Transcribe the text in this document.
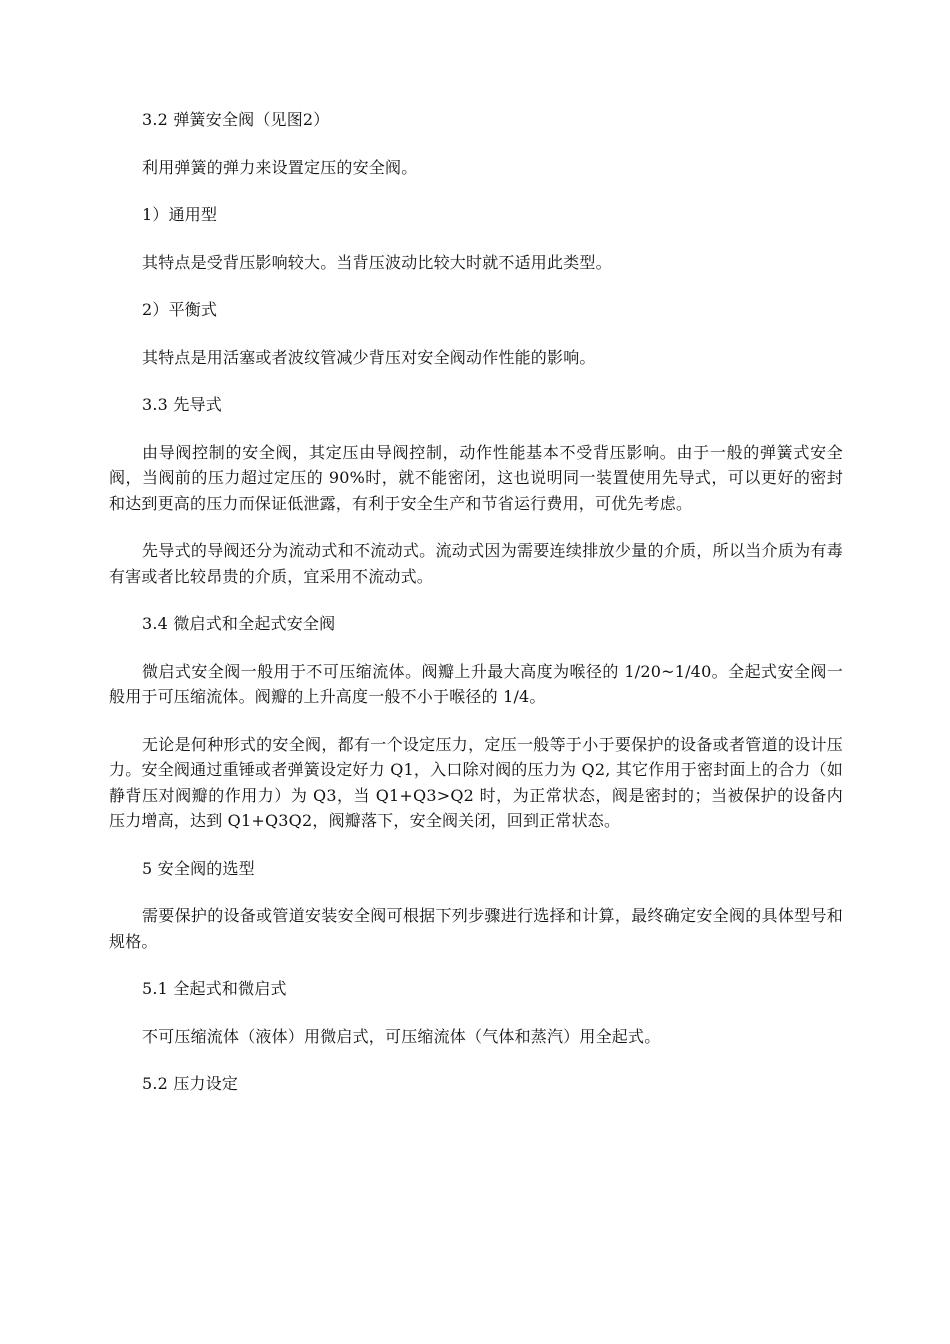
3.2 弹簧安全阀（见图2）

利用弹簧的弹力来设置定压的安全阀。

1）通用型

其特点是受背压影响较大。当背压波动比较大时就不适用此类型。

2）平衡式

其特点是用活塞或者波纹管减少背压对安全阀动作性能的影响。

3.3 先导式

由导阀控制的安全阀，其定压由导阀控制，动作性能基本不受背压影响。由于一般的弹簧式安全阀，当阀前的压力超过定压的 90%时，就不能密闭，这也说明同一装置使用先导式，可以更好的密封和达到更高的压力而保证低泄露，有利于安全生产和节省运行费用，可优先考虑。

先导式的导阀还分为流动式和不流动式。流动式因为需要连续排放少量的介质，所以当介质为有毒有害或者比较昂贵的介质，宜采用不流动式。

3.4 微启式和全起式安全阀

微启式安全阀一般用于不可压缩流体。阀瓣上升最大高度为喉径的 1/20~1/40。全起式安全阀一般用于可压缩流体。阀瓣的上升高度一般不小于喉径的 1/4。

无论是何种形式的安全阀，都有一个设定压力，定压一般等于小于要保护的设备或者管道的设计压力。安全阀通过重锤或者弹簧设定好力 Q1，入口除对阀的压力为 Q2, 其它作用于密封面上的合力（如静背压对阀瓣的作用力）为 Q3，当 Q1+Q3>Q2 时，为正常状态，阀是密封的；当被保护的设备内压力增高，达到 Q1+Q3Q2，阀瓣落下，安全阀关闭，回到正常状态。

5 安全阀的选型

需要保护的设备或管道安装安全阀可根据下列步骤进行选择和计算，最终确定安全阀的具体型号和规格。

5.1 全起式和微启式

不可压缩流体（液体）用微启式，可压缩流体（气体和蒸汽）用全起式。

5.2 压力设定
